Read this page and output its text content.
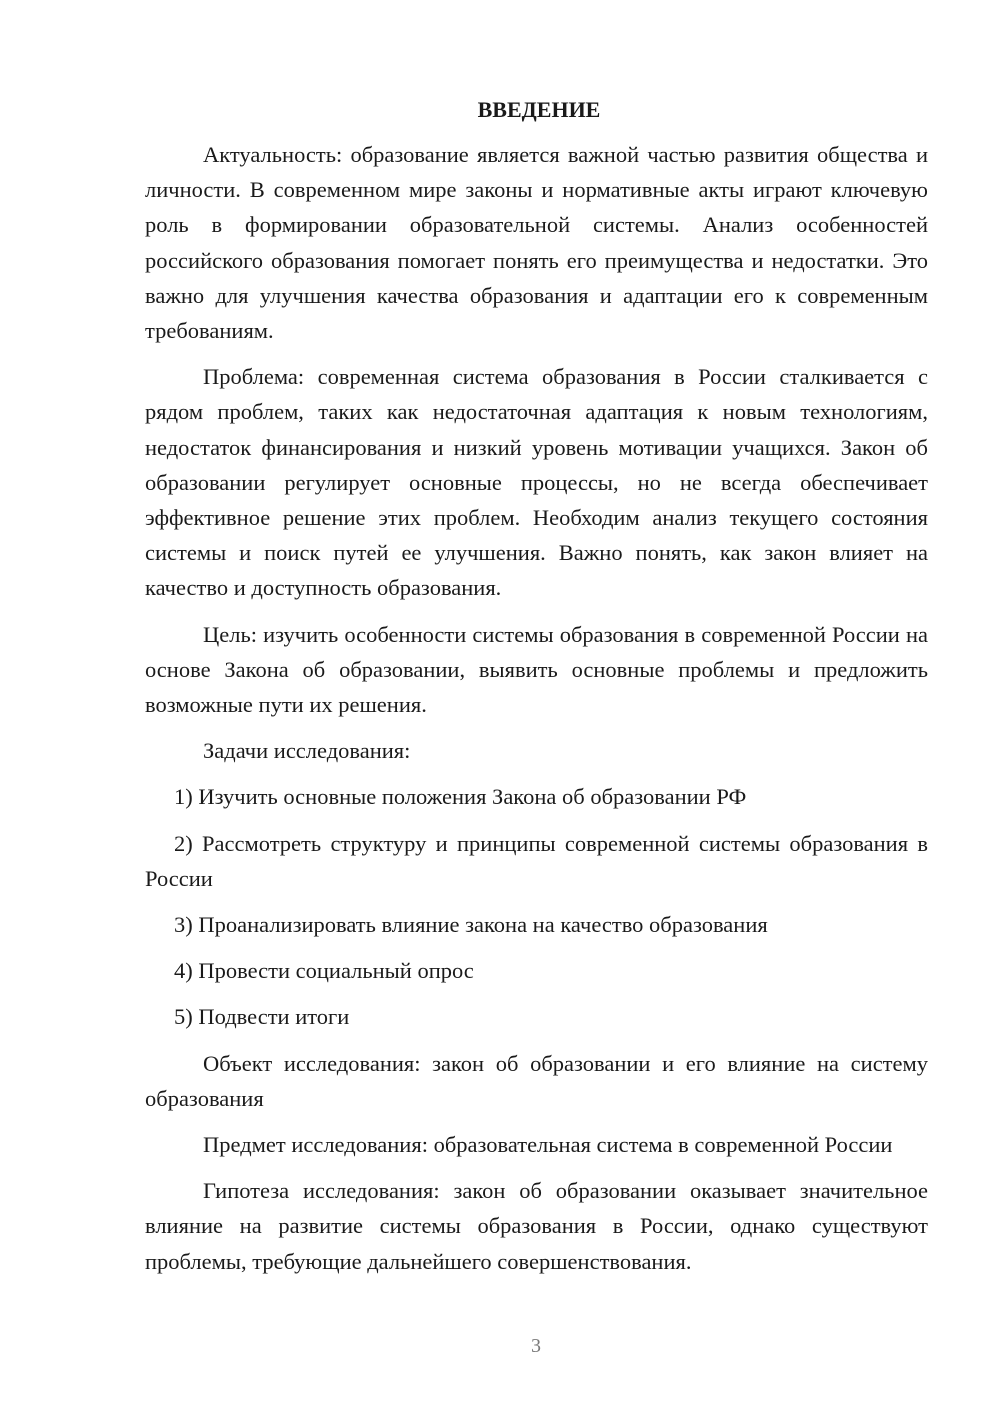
ВВЕДЕНИЕ

Актуальность: образование является важной частью развития общества и личности. В современном мире законы и нормативные акты играют ключевую роль в формировании образовательной системы. Анализ особенностей российского образования помогает понять его преимущества и недостатки. Это важно для улучшения качества образования и адаптации его к современным требованиям.

Проблема: современная система образования в России сталкивается с рядом проблем, таких как недостаточная адаптация к новым технологиям, недостаток финансирования и низкий уровень мотивации учащихся. Закон об образовании регулирует основные процессы, но не всегда обеспечивает эффективное решение этих проблем. Необходим анализ текущего состояния системы и поиск путей ее улучшения. Важно понять, как закон влияет на качество и доступность образования.

Цель: изучить особенности системы образования в современной России на основе Закона об образовании, выявить основные проблемы и предложить возможные пути их решения.

Задачи исследования:

1) Изучить основные положения Закона об образовании РФ

2) Рассмотреть структуру и принципы современной системы образования в России

3) Проанализировать влияние закона на качество образования

4) Провести социальный опрос

5) Подвести итоги

Объект исследования: закон об образовании и его влияние на систему образования

Предмет исследования: образовательная система в современной России

Гипотеза исследования: закон об образовании оказывает значительное влияние на развитие системы образования в России, однако существуют проблемы, требующие дальнейшего совершенствования.

3
